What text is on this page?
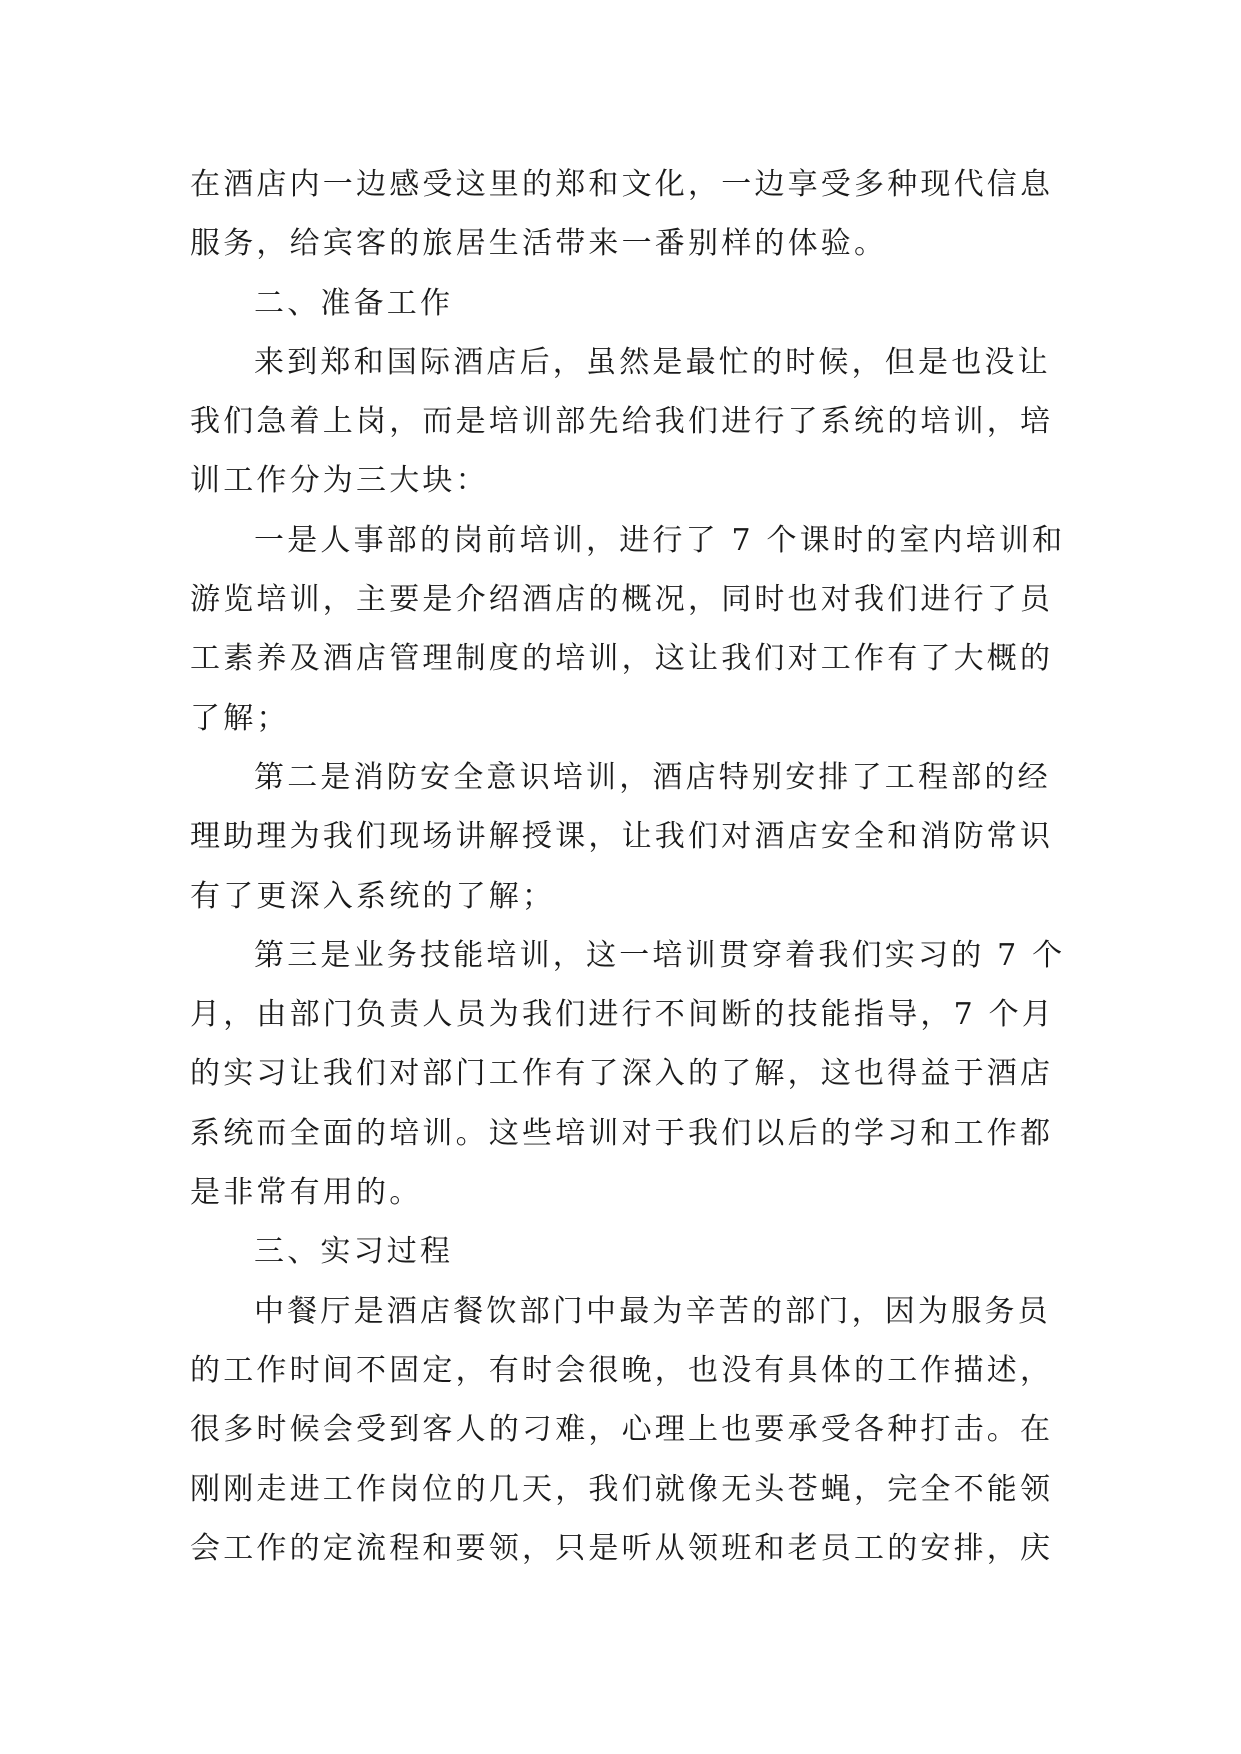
在酒店内一边感受这里的郑和文化，一边享受多种现代信息
服务，给宾客的旅居生活带来一番别样的体验。
二、准备工作
来到郑和国际酒店后，虽然是最忙的时候，但是也没让
我们急着上岗，而是培训部先给我们进行了系统的培训，培
训工作分为三大块：
一是人事部的岗前培训，进行了 7 个课时的室内培训和
游览培训，主要是介绍酒店的概况，同时也对我们进行了员
工素养及酒店管理制度的培训，这让我们对工作有了大概的
了解；
第二是消防安全意识培训，酒店特别安排了工程部的经
理助理为我们现场讲解授课，让我们对酒店安全和消防常识
有了更深入系统的了解；
第三是业务技能培训，这一培训贯穿着我们实习的 7 个
月，由部门负责人员为我们进行不间断的技能指导，7 个月
的实习让我们对部门工作有了深入的了解，这也得益于酒店
系统而全面的培训。这些培训对于我们以后的学习和工作都
是非常有用的。
三、实习过程
中餐厅是酒店餐饮部门中最为辛苦的部门，因为服务员
的工作时间不固定，有时会很晚，也没有具体的工作描述，
很多时候会受到客人的刁难，心理上也要承受各种打击。在
刚刚走进工作岗位的几天，我们就像无头苍蝇，完全不能领
会工作的定流程和要领，只是听从领班和老员工的安排，庆
